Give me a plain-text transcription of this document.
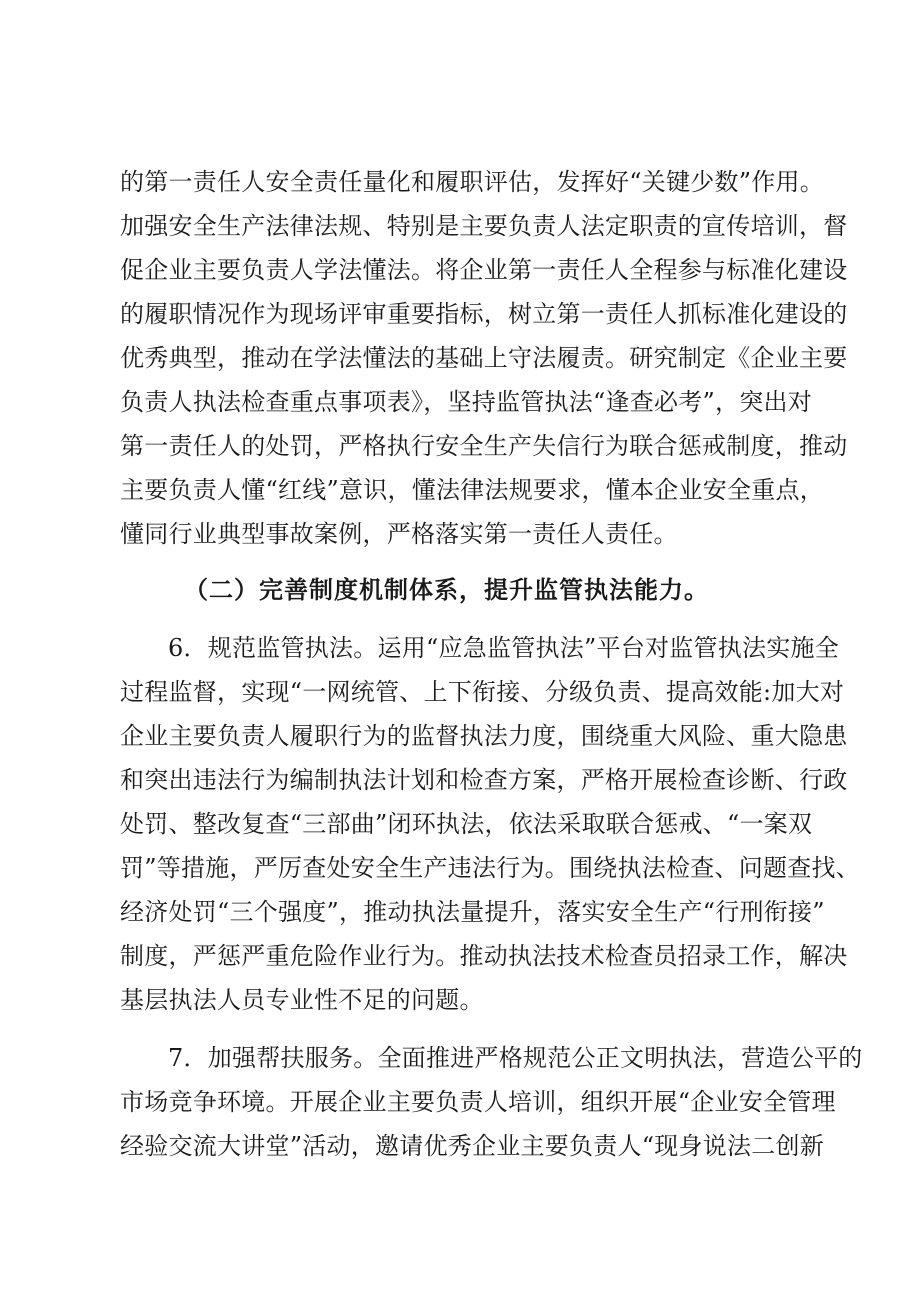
的第一责任人安全责任量化和履职评估，发挥好“关键少数”作用。
加强安全生产法律法规、特别是主要负责人法定职责的宣传培训，督
促企业主要负责人学法懂法。将企业第一责任人全程参与标准化建设
的履职情况作为现场评审重要指标，树立第一责任人抓标准化建设的
优秀典型，推动在学法懂法的基础上守法履责。研究制定《企业主要
负责人执法检查重点事项表》，坚持监管执法“逢查必考”，突出对
第一责任人的处罚，严格执行安全生产失信行为联合惩戒制度，推动
主要负责人懂“红线”意识，懂法律法规要求，懂本企业安全重点，
懂同行业典型事故案例，严格落实第一责任人责任。
（二）完善制度机制体系，提升监管执法能力。
6．规范监管执法。运用“应急监管执法”平台对监管执法实施全
过程监督，实现“一网统管、上下衔接、分级负责、提高效能:加大对
企业主要负责人履职行为的监督执法力度，围绕重大风险、重大隐患
和突出违法行为编制执法计划和检查方案，严格开展检查诊断、行政
处罚、整改复查“三部曲”闭环执法，依法采取联合惩戒、“一案双
罚”等措施，严厉查处安全生产违法行为。围绕执法检查、问题查找、
经济处罚“三个强度”，推动执法量提升，落实安全生产“行刑衔接”
制度，严惩严重危险作业行为。推动执法技术检查员招录工作，解决
基层执法人员专业性不足的问题。
7．加强帮扶服务。全面推进严格规范公正文明执法，营造公平的
市场竞争环境。开展企业主要负责人培训，组织开展“企业安全管理
经验交流大讲堂”活动，邀请优秀企业主要负责人“现身说法二创新
